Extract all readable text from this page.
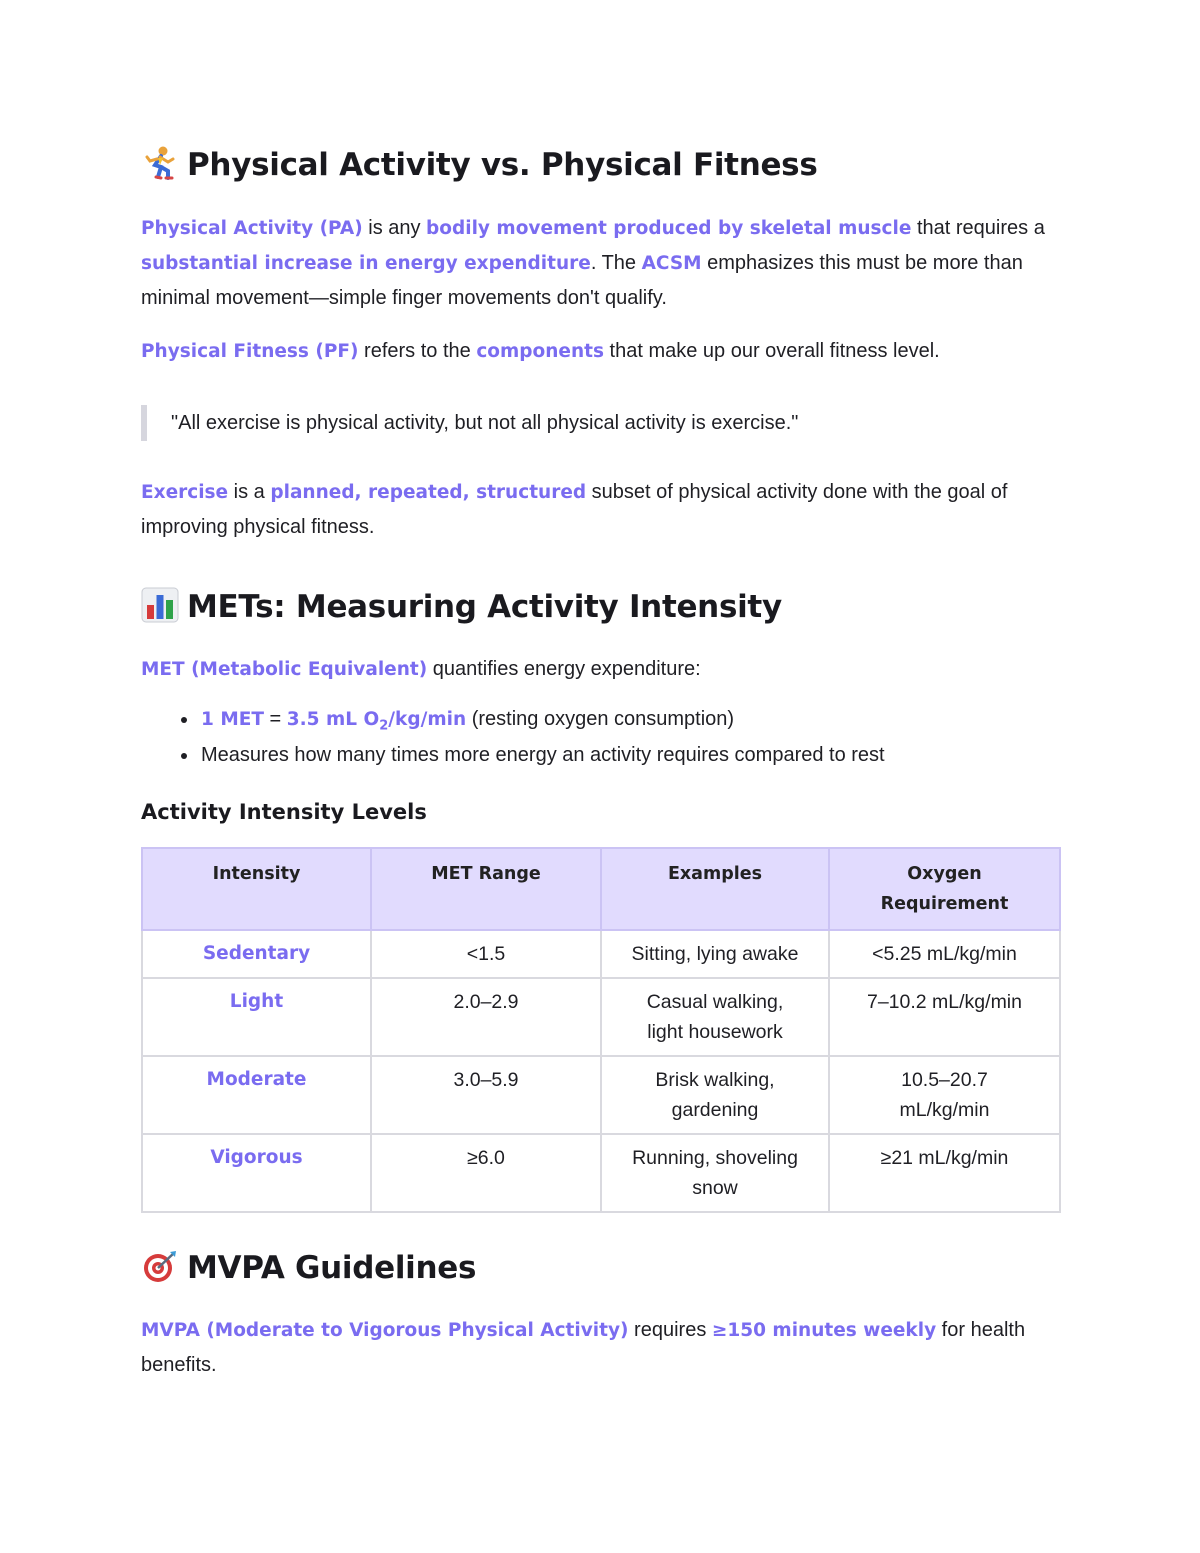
Physical Activity vs. Physical Fitness

Physical Activity (PA) is any bodily movement produced by skeletal muscle that requires a substantial increase in energy expenditure. The ACSM emphasizes this must be more than minimal movement—simple finger movements don't qualify.

Physical Fitness (PF) refers to the components that make up our overall fitness level.

"All exercise is physical activity, but not all physical activity is exercise."

Exercise is a planned, repeated, structured subset of physical activity done with the goal of improving physical fitness.

METs: Measuring Activity Intensity

MET (Metabolic Equivalent) quantifies energy expenditure:

• 1 MET = 3.5 mL $O_2/kg/\min$ (resting oxygen consumption)
• Measures how many times more energy an activity requires compared to rest
Activity Intensity Levels
Intensity	MET Range	Examples	Oxygen Requirement
Sedentary	<1.5	Sitting, lying awake	<5.25 mL/kg/min
Light	2.0–2.9	Casual walking, light housework	7–10.2 mL/kg/min
Moderate	3.0–5.9	Brisk walking, gardening	10.5–20.7 mL/kg/min
Vigorous	≥6.0	Running, shoveling snow	≥21 mL/kg/min
MVPA Guidelines

MVPA (Moderate to Vigorous Physical Activity) requires ≥150 minutes weekly for health benefits.
